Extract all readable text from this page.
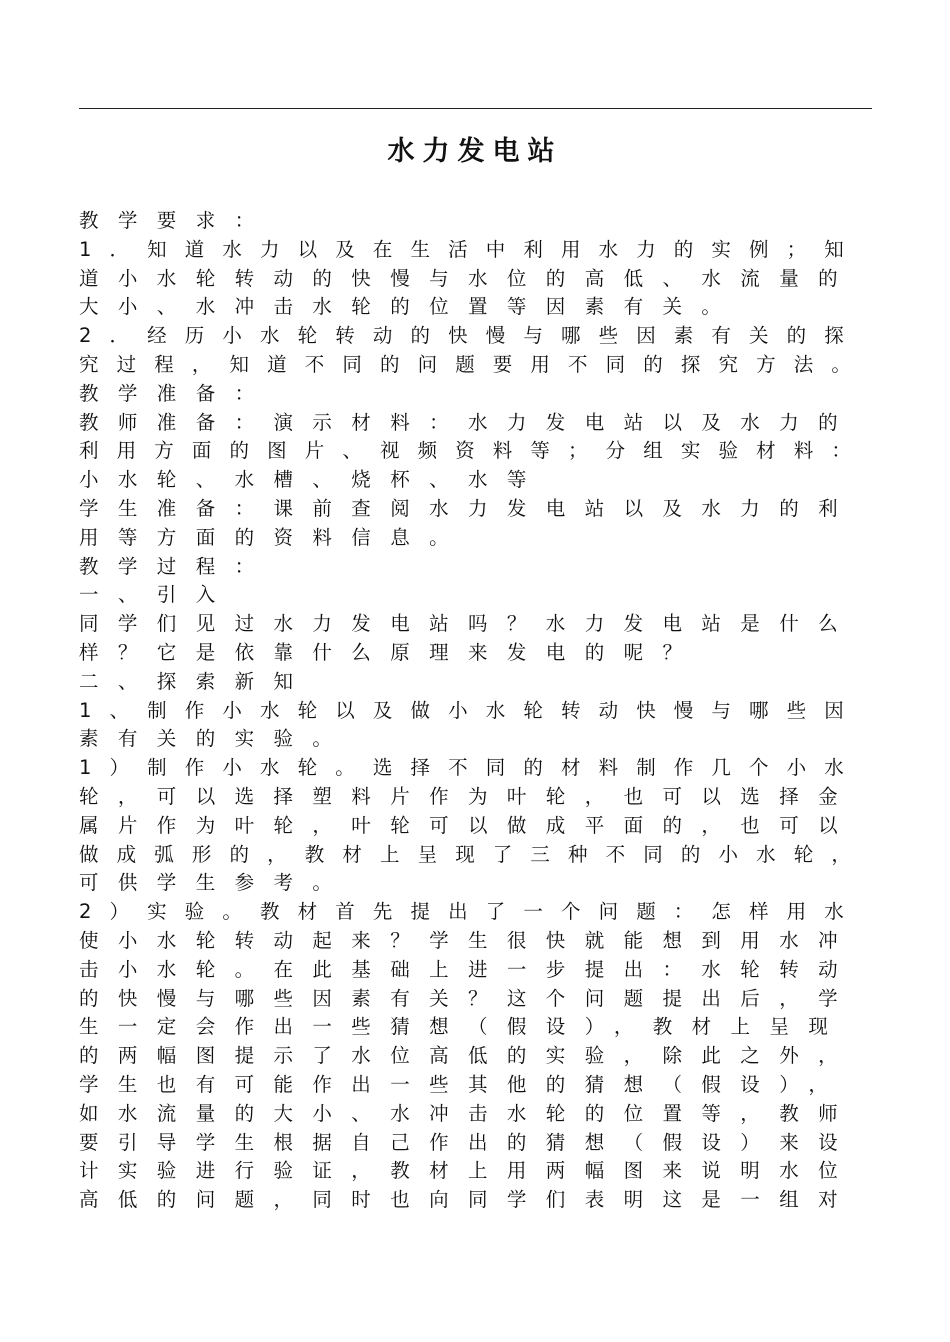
水力发电站
教学要求：
1．知道水力以及在生活中利用水力的实例；知
道小水轮转动的快慢与水位的高低、水流量的
大小、水冲击水轮的位置等因素有关。
2．经历小水轮转动的快慢与哪些因素有关的探
究过程，知道不同的问题要用不同的探究方法。
教学准备：
教师准备：演示材料：水力发电站以及水力的
利用方面的图片、视频资料等；分组实验材料：
小水轮、水槽、烧杯、水等
学生准备：课前查阅水力发电站以及水力的利
用等方面的资料信息。
教学过程：
一、引入
同学们见过水力发电站吗？水力发电站是什么
样？它是依靠什么原理来发电的呢？
二、探索新知
1、制作小水轮以及做小水轮转动快慢与哪些因
素有关的实验。
1）制作小水轮。选择不同的材料制作几个小水
轮，可以选择塑料片作为叶轮，也可以选择金
属片作为叶轮，叶轮可以做成平面的，也可以
做成弧形的，教材上呈现了三种不同的小水轮，
可供学生参考。
2）实验。教材首先提出了一个问题：怎样用水
使小水轮转动起来？学生很快就能想到用水冲
击小水轮。在此基础上进一步提出：水轮转动
的快慢与哪些因素有关？这个问题提出后，学
生一定会作出一些猜想（假设），教材上呈现
的两幅图提示了水位高低的实验，除此之外，
学生也有可能作出一些其他的猜想（假设），
如水流量的大小、水冲击水轮的位置等，教师
要引导学生根据自己作出的猜想（假设）来设
计实验进行验证，教材上用两幅图来说明水位
高低的问题，同时也向同学们表明这是一组对
